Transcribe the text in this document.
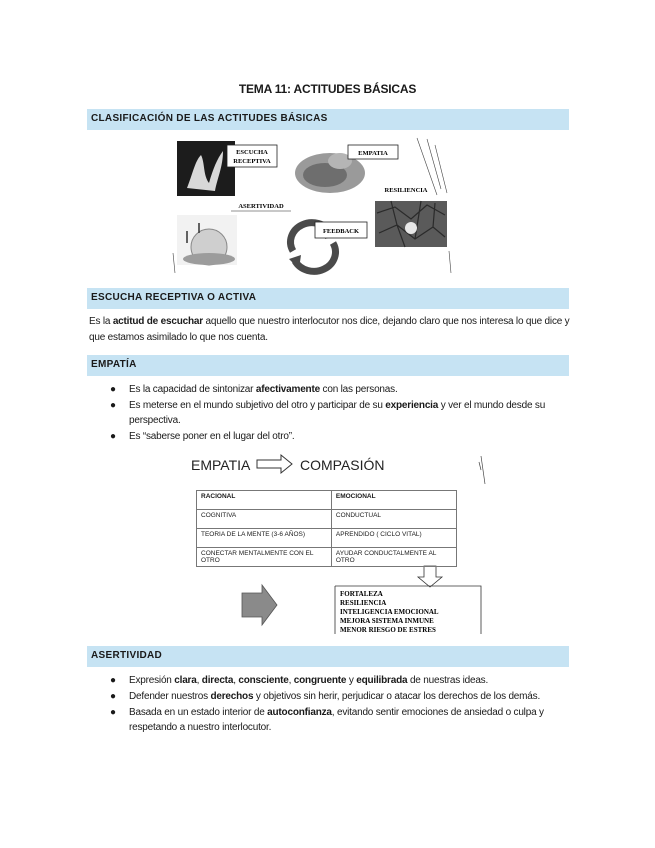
TEMA 11: ACTITUDES BÁSICAS
CLASIFICACIÓN DE LAS ACTITUDES BÁSICAS
ESCUCHA
RECEPTIVA
EMPATIA
RESILIENCIA
ASERTIVIDAD
FEEDBACK
ESCUCHA RECEPTIVA O ACTIVA
Es la actitud de escuchar aquello que nuestro interlocutor nos dice, dejando claro que nos interesa lo que dice y que estamos asimilado lo que nos cuenta.
EMPATÍA
● Es la capacidad de sintonizar afectivamente con las personas.
● Es meterse en el mundo subjetivo del otro y participar de su experiencia y ver el mundo desde su perspectiva.
● Es “saberse poner en el lugar del otro”.
EMPATIA	COMPASIÓN
FORTALEZA
RESILIENCIA
INTELIGENCIA EMOCIONAL
MEJORA SISTEMA INMUNE
MENOR RIESGO DE ESTRES
RACIONAL	EMOCIONAL
COGNITIVA	CONDUCTUAL
TEORIA DE LA MENTE (3-6 AÑOS)	APRENDIDO ( CICLO VITAL)
CONECTAR MENTALMENTE CON EL OTRO	AYUDAR CONDUCTALMENTE AL OTRO
ASERTIVIDAD
● Expresión clara, directa, consciente, congruente y equilibrada de nuestras ideas.
● Defender nuestros derechos y objetivos sin herir, perjudicar o atacar los derechos de los demás.
● Basada en un estado interior de autoconfianza, evitando sentir emociones de ansiedad o culpa y respetando a nuestro interlocutor.
